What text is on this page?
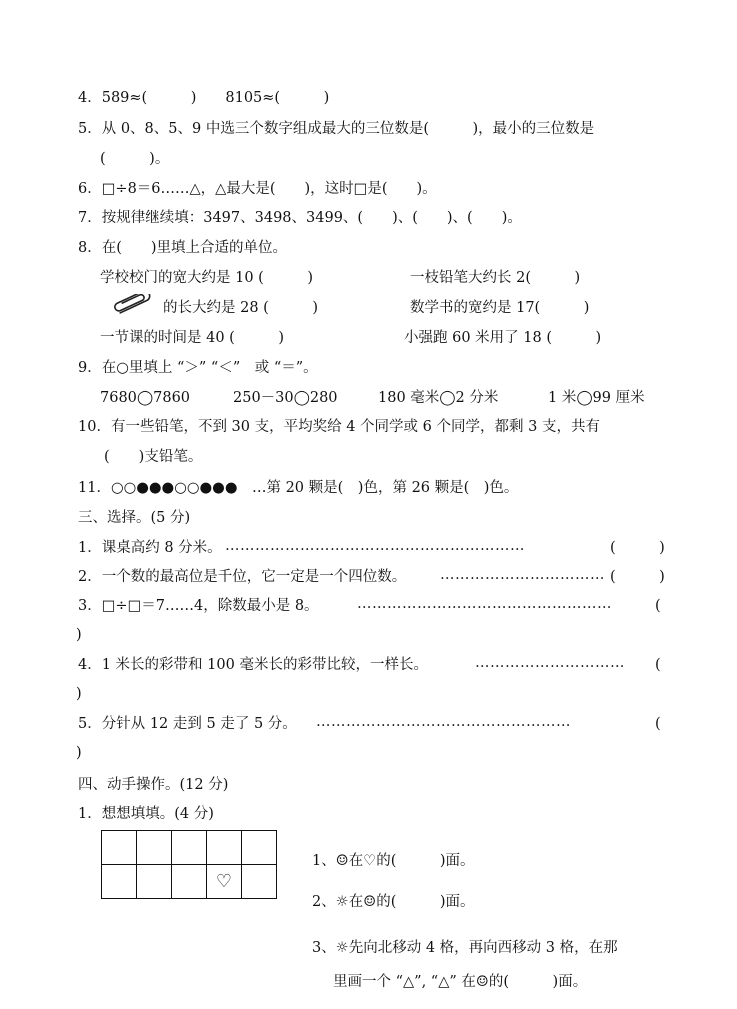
4．589≈(　　　)　　8105≈(　　　)
5．从 0、8、5、9 中选三个数字组成最大的三位数是(　　　)，最小的三位数是
(　　　)。
6．□÷8＝6……△，△最大是(　　)，这时□是(　　)。
7．按规律继续填：3497、3498、3499、(　　)、(　　)、(　　)。
8．在(　　)里填上合适的单位。
学校校门的宽大约是 10 (　　　)	一枝铅笔大约长 2(　　　)
的长大约是 28 (　　　)	数学书的宽约是 17(　　　)
一节课的时间是 40 (　　　)	小强跑 60 米用了 18 (　　　)
9．在○里填上 “＞” “＜”　或 “＝”。
7680◯7860	250－30◯280	180 毫米◯2 分米	1 米◯99 厘米
10．有一些铅笔，不到 30 支，平均奖给 4 个同学或 6 个同学，都剩 3 支，共有
(　　)支铅笔。
11．○○●●●○○●●●　…第 20 颗是(　)色，第 26 颗是(　)色。
三、选择。(5 分)
1．课桌高约 8 分米。 ……………………………………………………	(　　　)
2．一个数的最高位是千位，它一定是一个四位数。 …………………………… (　　　)
3．□÷□＝7……4，除数最小是 8。	……………………………………………	(
)
4．1 米长的彩带和 100 毫米长的彩带比较，一样长。	………………………… (
)
5．分针从 12 走到 5 走了 5 分。 ……………………………………………	(
)
四、动手操作。(12 分)
1．想想填填。(4 分)

			♡	
1、☺在♡的(　　　)面。
2、☼在☺的(　　　)面。
3、☼先向北移动 4 格，再向西移动 3 格，在那
里画一个 “△”, “△” 在☺的(　　　)面。
